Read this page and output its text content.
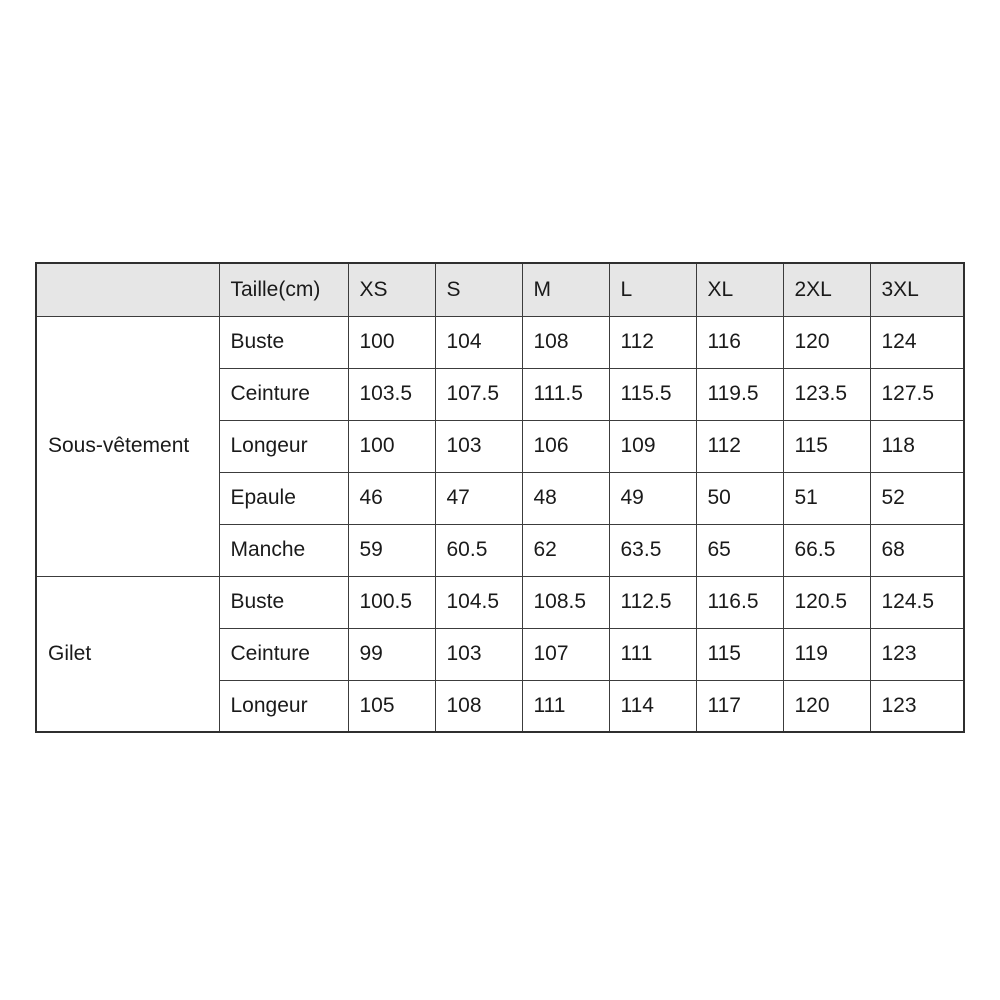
	Taille(cm)	XS	S	M	L	XL	2XL	3XL
Sous-vêtement	Buste	100	104	108	112	116	120	124
	Ceinture	103.5	107.5	111.5	115.5	119.5	123.5	127.5
	Longeur	100	103	106	109	112	115	118
	Epaule	46	47	48	49	50	51	52
	Manche	59	60.5	62	63.5	65	66.5	68
Gilet	Buste	100.5	104.5	108.5	112.5	116.5	120.5	124.5
	Ceinture	99	103	107	111	115	119	123
	Longeur	105	108	111	114	117	120	123
